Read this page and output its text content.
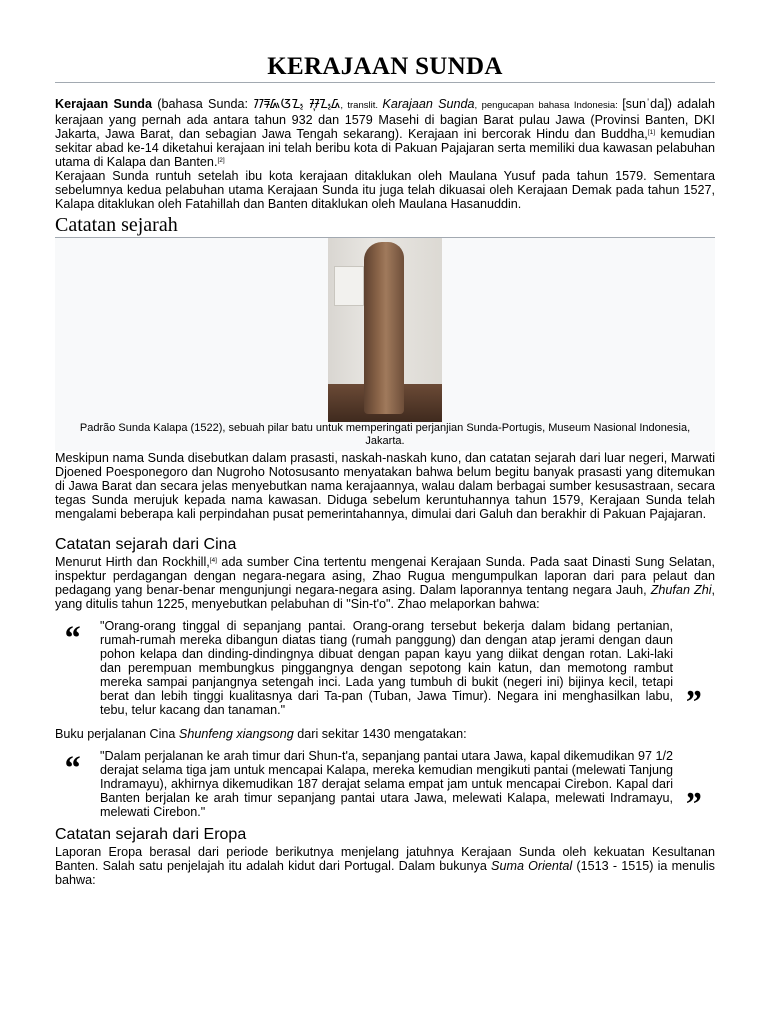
KERAJAAN SUNDA

Kerajaan Sunda (bahasa Sunda: ᮊᮛᮏᮃᮔ᮪ ᮞᮥᮔ᮪ᮓ, translit. Karajaan Sunda, pengucapan bahasa Indonesia: [sunˈda]) adalah kerajaan yang pernah ada antara tahun 932 dan 1579 Masehi di bagian Barat pulau Jawa (Provinsi Banten, DKI Jakarta, Jawa Barat, dan sebagian Jawa Tengah sekarang). Kerajaan ini bercorak Hindu dan Buddha,[1] kemudian sekitar abad ke-14 diketahui kerajaan ini telah beribu kota di Pakuan Pajajaran serta memiliki dua kawasan pelabuhan utama di Kalapa dan Banten.[2]

Kerajaan Sunda runtuh setelah ibu kota kerajaan ditaklukan oleh Maulana Yusuf pada tahun 1579. Sementara sebelumnya kedua pelabuhan utama Kerajaan Sunda itu juga telah dikuasai oleh Kerajaan Demak pada tahun 1527, Kalapa ditaklukan oleh Fatahillah dan Banten ditaklukan oleh Maulana Hasanuddin.

Catatan sejarah

Padrão Sunda Kalapa (1522), sebuah pilar batu untuk memperingati perjanjian Sunda-Portugis, Museum Nasional Indonesia, Jakarta.

Meskipun nama Sunda disebutkan dalam prasasti, naskah-naskah kuno, dan catatan sejarah dari luar negeri, Marwati Djoened Poesponegoro dan Nugroho Notosusanto menyatakan bahwa belum begitu banyak prasasti yang ditemukan di Jawa Barat dan secara jelas menyebutkan nama kerajaannya, walau dalam berbagai sumber kesusastraan, secara tegas Sunda merujuk kepada nama kawasan. Diduga sebelum keruntuhannya tahun 1579, Kerajaan Sunda telah mengalami beberapa kali perpindahan pusat pemerintahannya, dimulai dari Galuh dan berakhir di Pakuan Pajajaran.

Catatan sejarah dari Cina

Menurut Hirth dan Rockhill,[4] ada sumber Cina tertentu mengenai Kerajaan Sunda. Pada saat Dinasti Sung Selatan, inspektur perdagangan dengan negara-negara asing, Zhao Rugua mengumpulkan laporan dari para pelaut dan pedagang yang benar-benar mengunjungi negara-negara asing. Dalam laporannya tentang negara Jauh, Zhufan Zhi, yang ditulis tahun 1225, menyebutkan pelabuhan di "Sin-t'o". Zhao melaporkan bahwa:

“ "Orang-orang tinggal di sepanjang pantai. Orang-orang tersebut bekerja dalam bidang pertanian, rumah-rumah mereka dibangun diatas tiang (rumah panggung) dan dengan atap jerami dengan daun pohon kelapa dan dinding-dindingnya dibuat dengan papan kayu yang diikat dengan rotan. Laki-laki dan perempuan membungkus pinggangnya dengan sepotong kain katun, dan memotong rambut mereka sampai panjangnya setengah inci. Lada yang tumbuh di bukit (negeri ini) bijinya kecil, tetapi berat dan lebih tinggi kualitasnya dari Ta-pan (Tuban, Jawa Timur). Negara ini menghasilkan labu, tebu, telur kacang dan tanaman."	”

Buku perjalanan Cina Shunfeng xiangsong dari sekitar 1430 mengatakan:

“ "Dalam perjalanan ke arah timur dari Shun-t'a, sepanjang pantai utara Jawa, kapal dikemudikan 97 1/2 derajat selama tiga jam untuk mencapai Kalapa, mereka kemudian mengikuti pantai (melewati Tanjung Indramayu), akhirnya dikemudikan 187 derajat selama empat jam untuk mencapai Cirebon. Kapal dari Banten berjalan ke arah timur sepanjang pantai utara Jawa, melewati Kalapa, melewati Indramayu, melewati Cirebon."	”
Catatan sejarah dari Eropa

Laporan Eropa berasal dari periode berikutnya menjelang jatuhnya Kerajaan Sunda oleh kekuatan Kesultanan Banten. Salah satu penjelajah itu adalah kidut dari Portugal. Dalam bukunya Suma Oriental (1513 - 1515) ia menulis bahwa:
